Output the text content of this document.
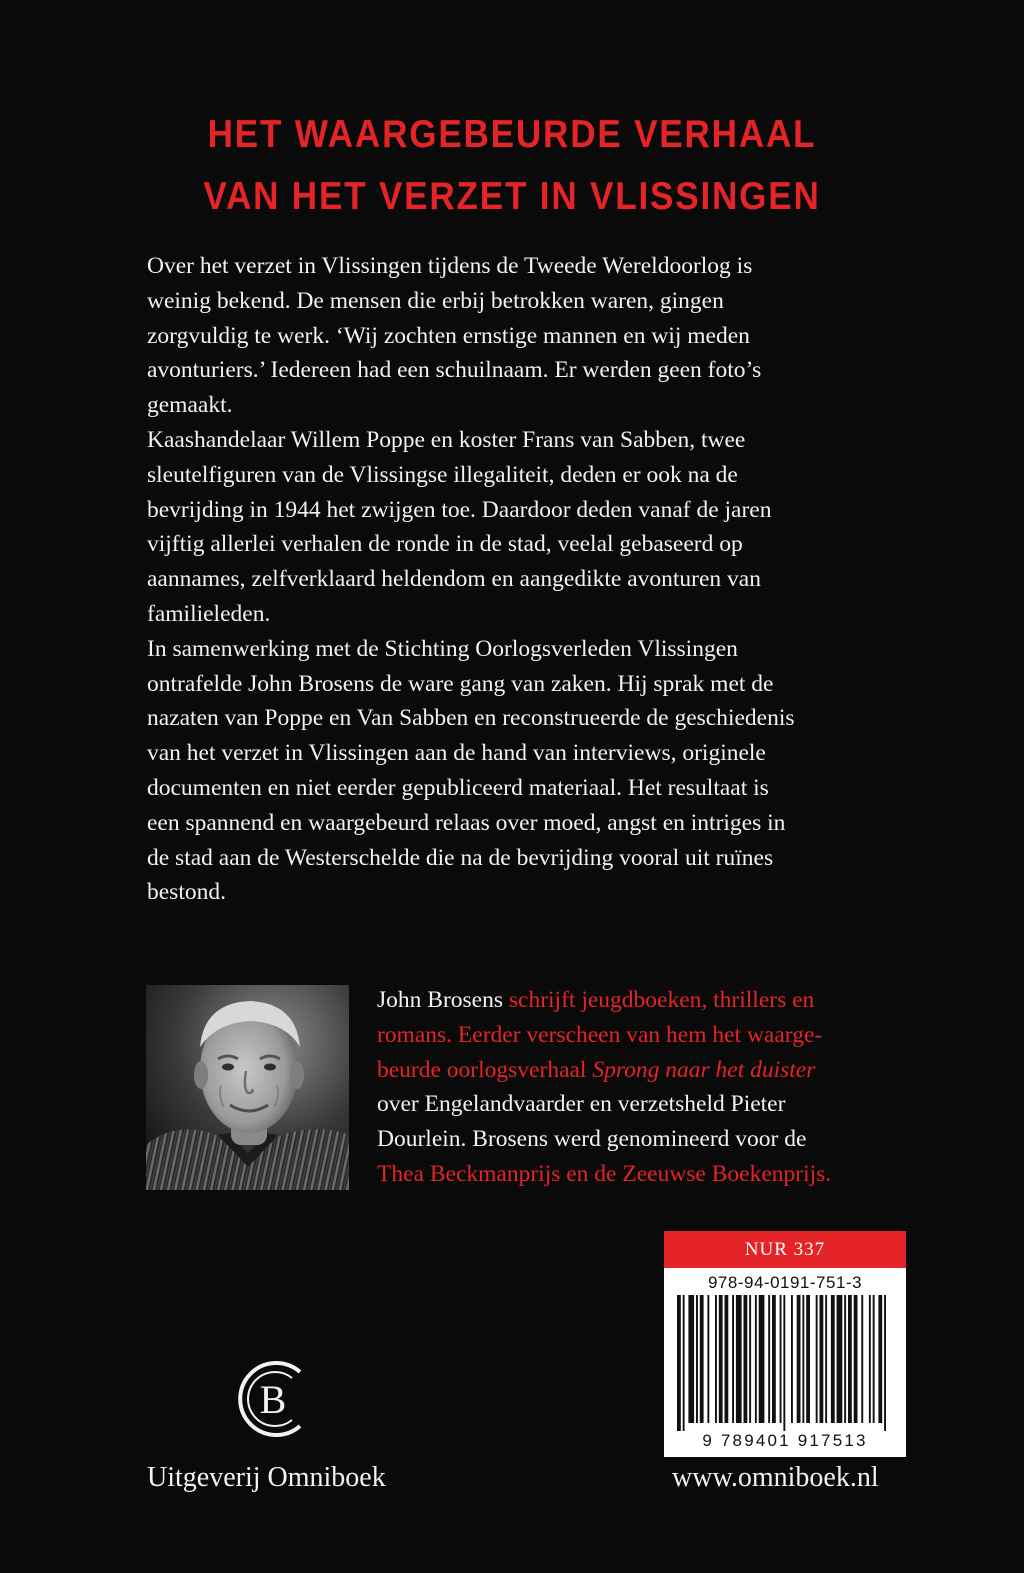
HET WAARGEBEURDE VERHAAL
VAN HET VERZET IN VLISSINGEN

Over het verzet in Vlissingen tijdens de Tweede Wereldoorlog is

weinig bekend. De mensen die erbij betrokken waren, gingen

zorgvuldig te werk. ‘Wij zochten ernstige mannen en wij meden

avonturiers.’ Iedereen had een schuilnaam. Er werden geen foto’s

gemaakt.

Kaashandelaar Willem Poppe en koster Frans van Sabben, twee

sleutelfiguren van de Vlissingse illegaliteit, deden er ook na de

bevrijding in 1944 het zwijgen toe. Daardoor deden vanaf de jaren

vijftig allerlei verhalen de ronde in de stad, veelal gebaseerd op

aannames, zelfverklaard heldendom en aangedikte avonturen van

familieleden.

In samenwerking met de Stichting Oorlogsverleden Vlissingen

ontrafelde John Brosens de ware gang van zaken. Hij sprak met de

nazaten van Poppe en Van Sabben en reconstrueerde de geschiedenis

van het verzet in Vlissingen aan de hand van interviews, originele

documenten en niet eerder gepubliceerd materiaal. Het resultaat is

een spannend en waargebeurd relaas over moed, angst en intriges in

de stad aan de Westerschelde die na de bevrijding vooral uit ruïnes

bestond.

John Brosens schrijft jeugdboeken, thrillers en
romans. Eerder verscheen van hem het waarge-
beurde oorlogsverhaal Sprong naar het duister
over Engelandvaarder en verzetsheld Pieter
Dourlein. Brosens werd genomineerd voor de
Thea Beckmanprijs en de Zeeuwse Boekenprijs.
NUR 337
978-94-0191-751-3
9 789401 917513
B
Uitgeverij Omniboek	www.omniboek.nl
